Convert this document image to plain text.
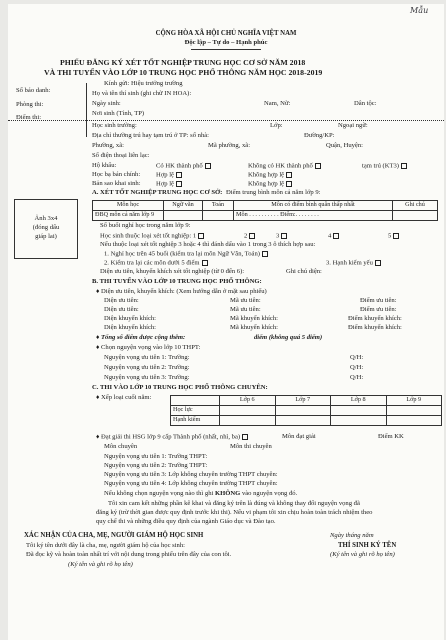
Mẫu
CỘNG HÒA XÃ HỘI CHỦ NGHĨA VIỆT NAM
Độc lập – Tự do – Hạnh phúc
PHIẾU ĐĂNG KÝ XÉT TỐT NGHIỆP TRUNG HỌC CƠ SỞ NĂM 2018
VÀ THI TUYỂN VÀO LỚP 10 TRUNG HỌC PHỔ THÔNG NĂM HỌC 2018-2019
Số báo danh:
Phòng thi:
Điểm thi:
Kính gửi: Hiệu trưởng trường
Họ và tên thí sinh (ghi chữ IN HOA):
Ngày sinh:	Nam, Nữ:	Dân tộc:
Nơi sinh (Tỉnh, TP)
Học sinh trường:	Lớp:	Ngoại ngữ:
Địa chỉ thường trú hay tạm trú ở TP: số nhà:	Đường/KP:
Phường, xã:	Mã phường, xã:	Quận, Huyện:
Số điện thoại liên lạc:
Hộ khẩu:	Có HK thành phố	Không có HK thành phố	tạm trú (KT3)
Học bạ bán chính: Hợp lệ	Không hợp lệ
Bản sao khai sinh: Hợp lệ	Không hợp lệ
Ảnh 3x4
(đóng dấu
giáp lai)
A. XÉT TỐT NGHIỆP TRUNG HỌC CƠ SỞ: Điểm trung bình môn cả năm lớp 9:
Môn học	Ngữ văn	Toán	Môn có điểm bình quân thấp nhất	Ghi chú
ĐBQ môn cả năm lớp 9			Môn . . . . . . . . . . Điểm:. . . . . . . .	
Số buổi nghỉ học trong năm lớp 9:
Học sinh thuộc loại xét tốt nghiệp: 1	2	3	4	5
Nếu thuộc loại xét tốt nghiệp 3 hoặc 4 thì đánh dấu vào 1 trong 3 ô thích hợp sau:
1. Nghỉ học trên 45 buổi (kiểm tra lại môn Ngữ Văn, Toán)
2. Kiểm tra lại các môn dưới 5 điểm	3. Hạnh kiểm yếu
Diện ưu tiên, khuyến khích xét tốt nghiệp (từ 0 đến 6):	Ghi chú diện:
B. THI TUYỂN VÀO LỚP 10 TRUNG HỌC PHỔ THÔNG:
♦ Diện ưu tiên, khuyến khích: (Xem hướng dẫn ở mặt sau phiếu)
Diện ưu tiên:	Mã ưu tiên:	Điểm ưu tiên:
Diện ưu tiên:	Mã ưu tiên:	Điểm ưu tiên:
Diện khuyến khích:	Mã khuyến khích:	Điểm khuyến khích:
Diện khuyến khích:	Mã khuyến khích:	Điểm khuyến khích:
♦ Tổng số điểm được cộng thêm:	điểm (không quá 5 điểm)
♦ Chọn nguyện vọng vào lớp 10 THPT:
Nguyện vọng ưu tiên 1: Trường:	Q/H:
Nguyện vọng ưu tiên 2: Trường:	Q/H:
Nguyện vọng ưu tiên 3: Trường:	Q/H:
C. THI VÀO LỚP 10 TRUNG HỌC PHỔ THÔNG CHUYÊN:
♦ Xếp loại cuối năm:
		Lớp 6	Lớp 7	Lớp 8	Lớp 9
Học lực				
Hạnh kiểm				
♦ Đạt giải thi HSG lớp 9 cấp Thành phố (nhất, nhì, ba)	Môn đạt giải	Điểm KK
Môn chuyên	Môn thi chuyên
Nguyện vọng ưu tiên 1: Trường THPT:
Nguyện vọng ưu tiên 2: Trường THPT:
Nguyện vọng ưu tiên 3: Lớp không chuyên trường THPT chuyên:
Nguyện vọng ưu tiên 4: Lớp không chuyên trường THPT chuyên:
Nếu không chọn nguyện vọng nào thì ghi KHÔNG vào nguyện vọng đó.
Tôi xin cam kết những phần kê khai và đăng ký trên là đúng và không thay đổi nguyện vọng đã
đăng ký (trừ thời gian được quy định trước khi thi). Nếu vi phạm tôi xin chịu hoàn toàn trách nhiệm theo
quy chế thi và những điều quy định của ngành Giáo dục và Đào tạo.
XÁC NHẬN CỦA CHA, MẸ, NGƯỜI GIÁM HỘ HỌC SINH
Tôi ký tên dưới đây là cha, mẹ, người giám hộ của học sinh:
Đã đọc kỹ và hoàn toàn nhất trí với nội dung trong phiếu trên đây của con tôi.
(Ký tên và ghi rõ họ tên)
Ngày tháng năm
THÍ SINH KÝ TÊN
(Ký tên và ghi rõ họ tên)
